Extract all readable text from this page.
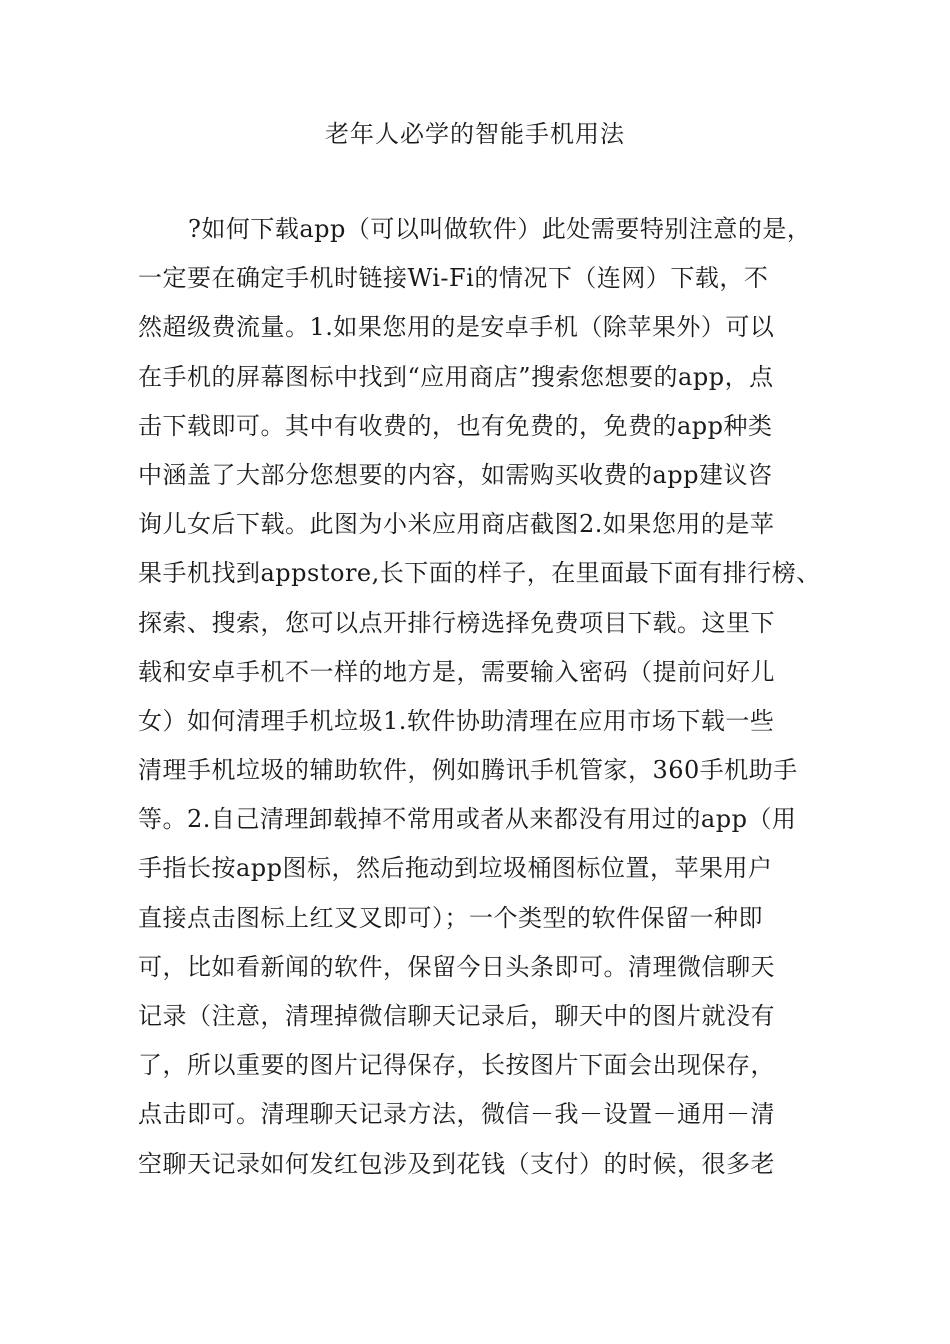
老年人必学的智能手机用法
?如何下载app（可以叫做软件）此处需要特别注意的是，
一定要在确定手机时链接Wi-Fi的情况下（连网）下载，不
然超级费流量。1.如果您用的是安卓手机（除苹果外）可以
在手机的屏幕图标中找到“应用商店”搜索您想要的app，点
击下载即可。其中有收费的，也有免费的，免费的app种类
中涵盖了大部分您想要的内容，如需购买收费的app建议咨
询儿女后下载。此图为小米应用商店截图2.如果您用的是苹
果手机找到appstore,长下面的样子，在里面最下面有排行榜、
探索、搜索，您可以点开排行榜选择免费项目下载。这里下
载和安卓手机不一样的地方是，需要输入密码（提前问好儿
女）如何清理手机垃圾1.软件协助清理在应用市场下载一些
清理手机垃圾的辅助软件，例如腾讯手机管家，360手机助手
等。2.自己清理卸载掉不常用或者从来都没有用过的app（用
手指长按app图标，然后拖动到垃圾桶图标位置，苹果用户
直接点击图标上红叉叉即可）；一个类型的软件保留一种即
可，比如看新闻的软件，保留今日头条即可。清理微信聊天
记录（注意，清理掉微信聊天记录后，聊天中的图片就没有
了，所以重要的图片记得保存，长按图片下面会出现保存，
点击即可。清理聊天记录方法，微信－我－设置－通用－清
空聊天记录如何发红包涉及到花钱（支付）的时候，很多老
